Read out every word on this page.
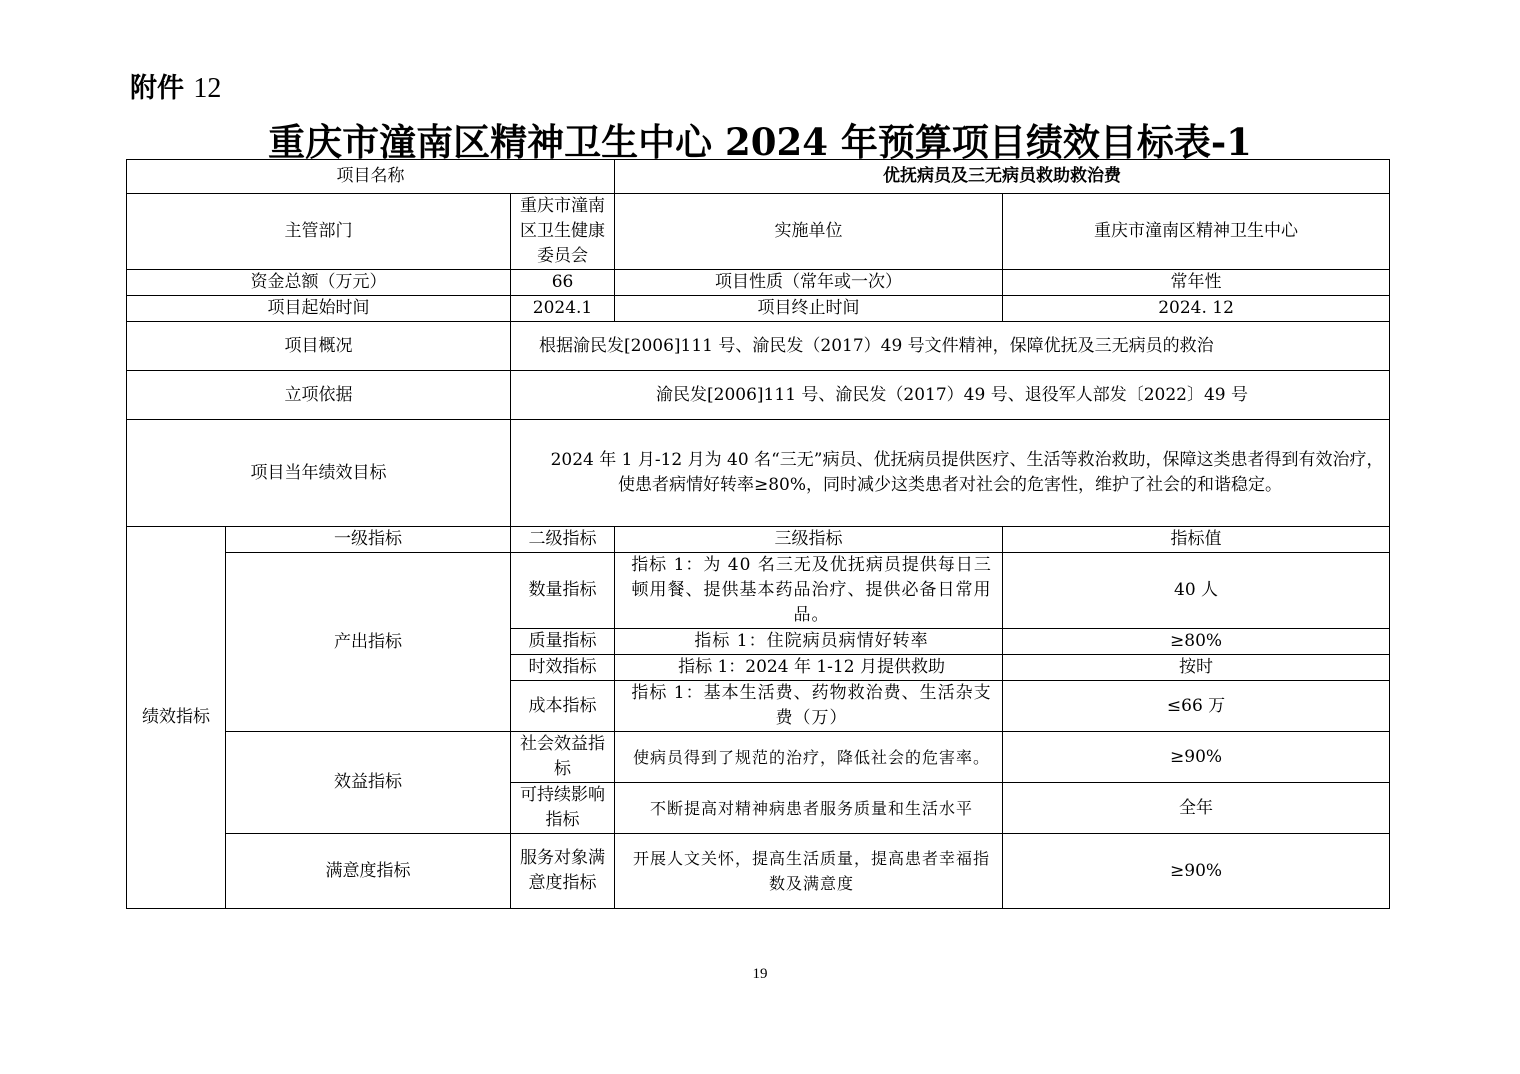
附件 12
重庆市潼南区精神卫生中心 2024 年预算项目绩效目标表-1
项目名称			优抚病员及三无病员救助救治费	
主管部门		重庆市潼南区卫生健康委员会	实施单位	重庆市潼南区精神卫生中心
资金总额（万元）		66	项目性质（常年或一次）	常年性
项目起始时间		2024.1	项目终止时间	2024. 12
项目概况		根据渝民发[2006]111 号、渝民发（2017）49 号文件精神，保障优抚及三无病员的救治		
立项依据		渝民发[2006]111 号、渝民发（2017）49 号、退役军人部发〔2022〕49 号		
项目当年绩效目标		2024 年 1 月-12 月为 40 名“三无”病员、优抚病员提供医疗、生活等救治救助，保障这类患者得到有效治疗，使患者病情好转率≥80%，同时减少这类患者对社会的危害性，维护了社会的和谐稳定。		

绩效指标	一级指标	二级指标	三级指标	指标值
	产出指标	数量指标	指标 1：为 40 名三无及优抚病员提供每日三顿用餐、提供基本药品治疗、提供必备日常用品。	40 人
		质量指标	指标 1：住院病员病情好转率	≥80%
		时效指标	指标 1：2024 年 1-12 月提供救助	按时
		成本指标	指标 1：基本生活费、药物救治费、生活杂支费（万）	≤66 万
	效益指标	社会效益指标	使病员得到了规范的治疗，降低社会的危害率。	≥90%
		可持续影响指标	不断提高对精神病患者服务质量和生活水平	全年
	满意度指标	服务对象满意度指标	开展人文关怀，提高生活质量，提高患者幸福指数及满意度	≥90%
19
